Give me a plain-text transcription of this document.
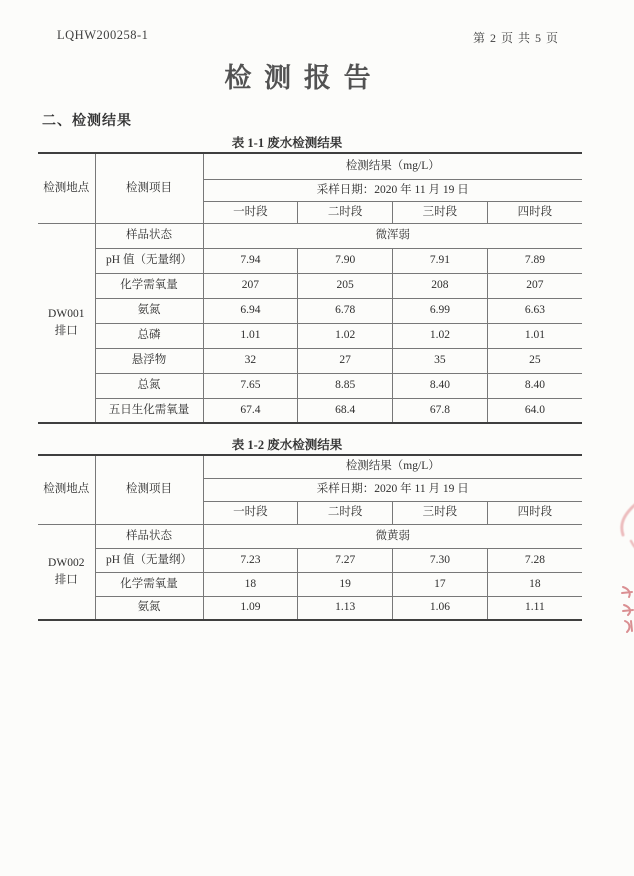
LQHW200258-1	第 2 页 共 5 页
检 测 报 告
二、检测结果
表 1-1 废水检测结果
检测地点	检测项目	检测结果（mg/L）			
		采样日期：2020 年 11 月 19 日			
		一时段	二时段	三时段	四时段
DW001 排口	样品状态	微浑弱			
	pH 值（无量纲）	7.94	7.90	7.91	7.89
	化学需氧量	207	205	208	207
	氨氮	6.94	6.78	6.99	6.63
	总磷	1.01	1.02	1.02	1.01
	悬浮物	32	27	35	25
	总氮	7.65	8.85	8.40	8.40
	五日生化需氧量	67.4	68.4	67.8	64.0
表 1-2 废水检测结果
检测地点	检测项目	检测结果（mg/L）			
		采样日期：2020 年 11 月 19 日			
		一时段	二时段	三时段	四时段
DW002 排口	样品状态	微黄弱			
	pH 值（无量纲）	7.23	7.27	7.30	7.28
	化学需氧量	18	19	17	18
	氨氮	1.09	1.13	1.06	1.11
